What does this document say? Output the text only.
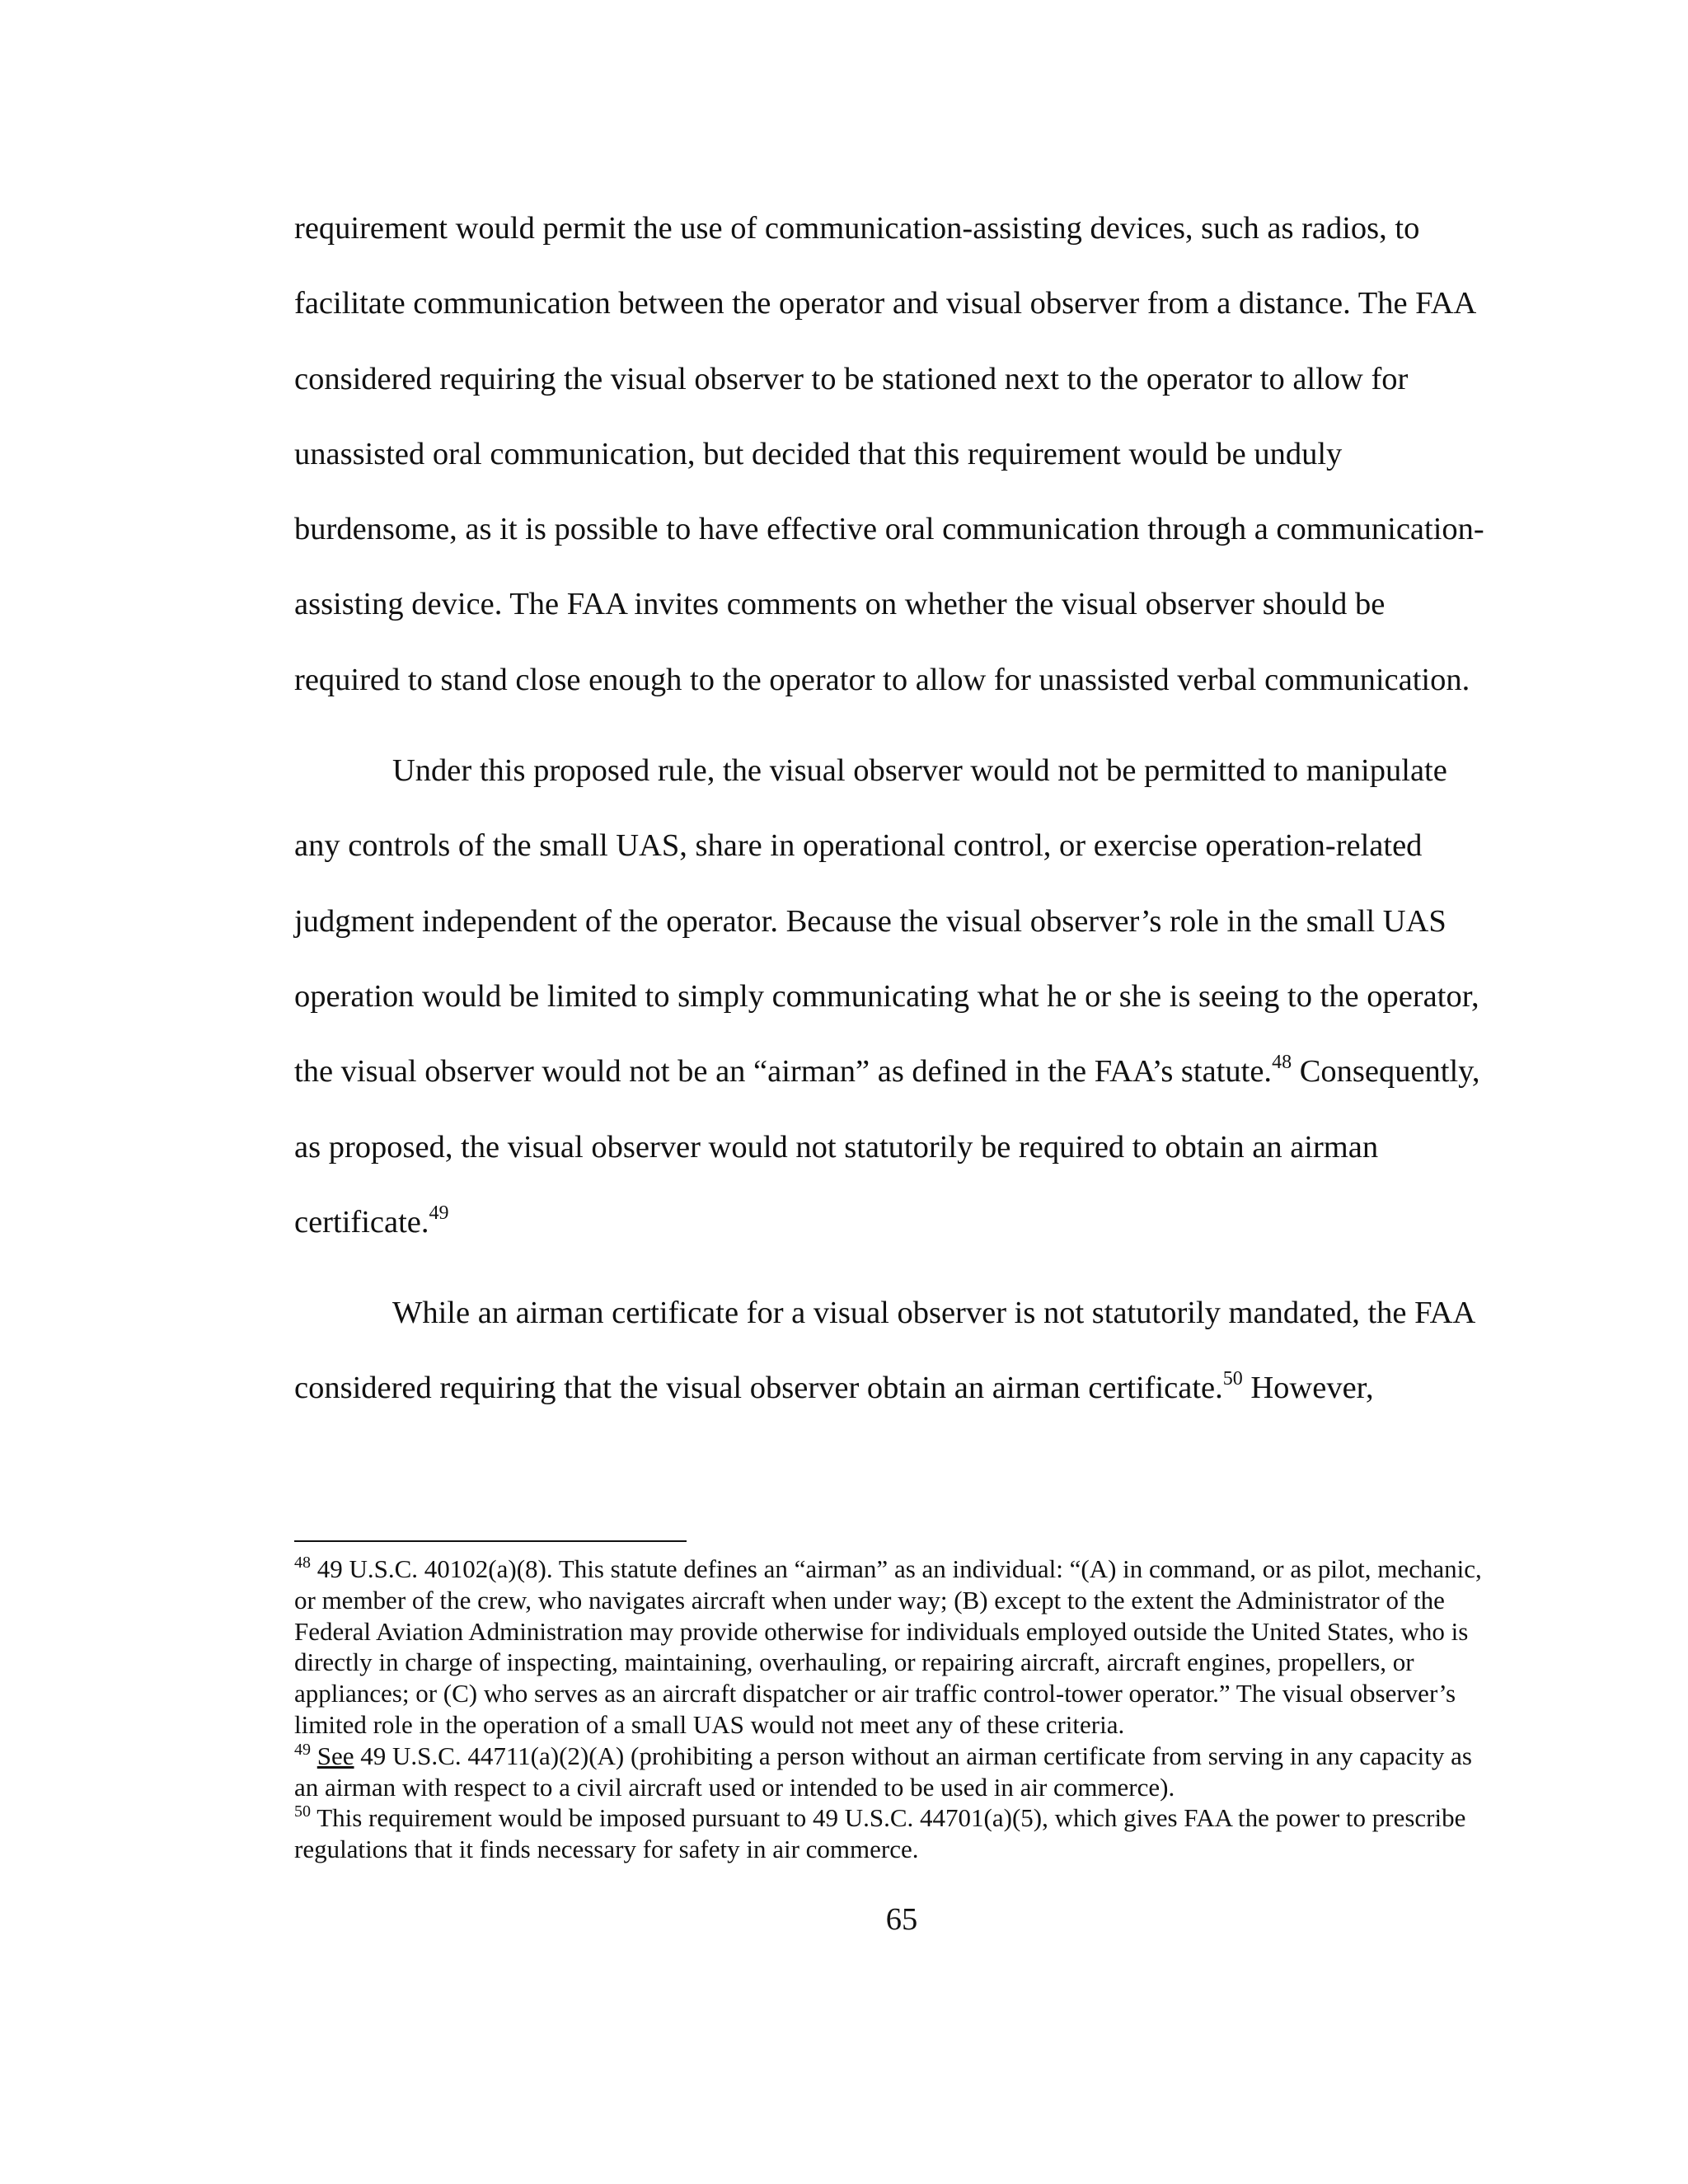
requirement would permit the use of communication-assisting devices, such as radios, to facilitate communication between the operator and visual observer from a distance. The FAA considered requiring the visual observer to be stationed next to the operator to allow for unassisted oral communication, but decided that this requirement would be unduly burdensome, as it is possible to have effective oral communication through a communication-assisting device. The FAA invites comments on whether the visual observer should be required to stand close enough to the operator to allow for unassisted verbal communication.

Under this proposed rule, the visual observer would not be permitted to manipulate any controls of the small UAS, share in operational control, or exercise operation-related judgment independent of the operator. Because the visual observer’s role in the small UAS operation would be limited to simply communicating what he or she is seeing to the operator, the visual observer would not be an “airman” as defined in the FAA’s statute.$^{48}$ Consequently, as proposed, the visual observer would not statutorily be required to obtain an airman certificate.$^{49}$

While an airman certificate for a visual observer is not statutorily mandated, the FAA considered requiring that the visual observer obtain an airman certificate.$^{50}$ However,

$^{48}$ 49 U.S.C. 40102(a)(8). This statute defines an “airman” as an individual: “(A) in command, or as pilot, mechanic, or member of the crew, who navigates aircraft when under way; (B) except to the extent the Administrator of the Federal Aviation Administration may provide otherwise for individuals employed outside the United States, who is directly in charge of inspecting, maintaining, overhauling, or repairing aircraft, aircraft engines, propellers, or appliances; or (C) who serves as an aircraft dispatcher or air traffic control-tower operator.” The visual observer’s limited role in the operation of a small UAS would not meet any of these criteria.

$^{49}$ See 49 U.S.C. 44711(a)(2)(A) (prohibiting a person without an airman certificate from serving in any capacity as an airman with respect to a civil aircraft used or intended to be used in air commerce).

$^{50}$ This requirement would be imposed pursuant to 49 U.S.C. 44701(a)(5), which gives FAA the power to prescribe regulations that it finds necessary for safety in air commerce.

65
